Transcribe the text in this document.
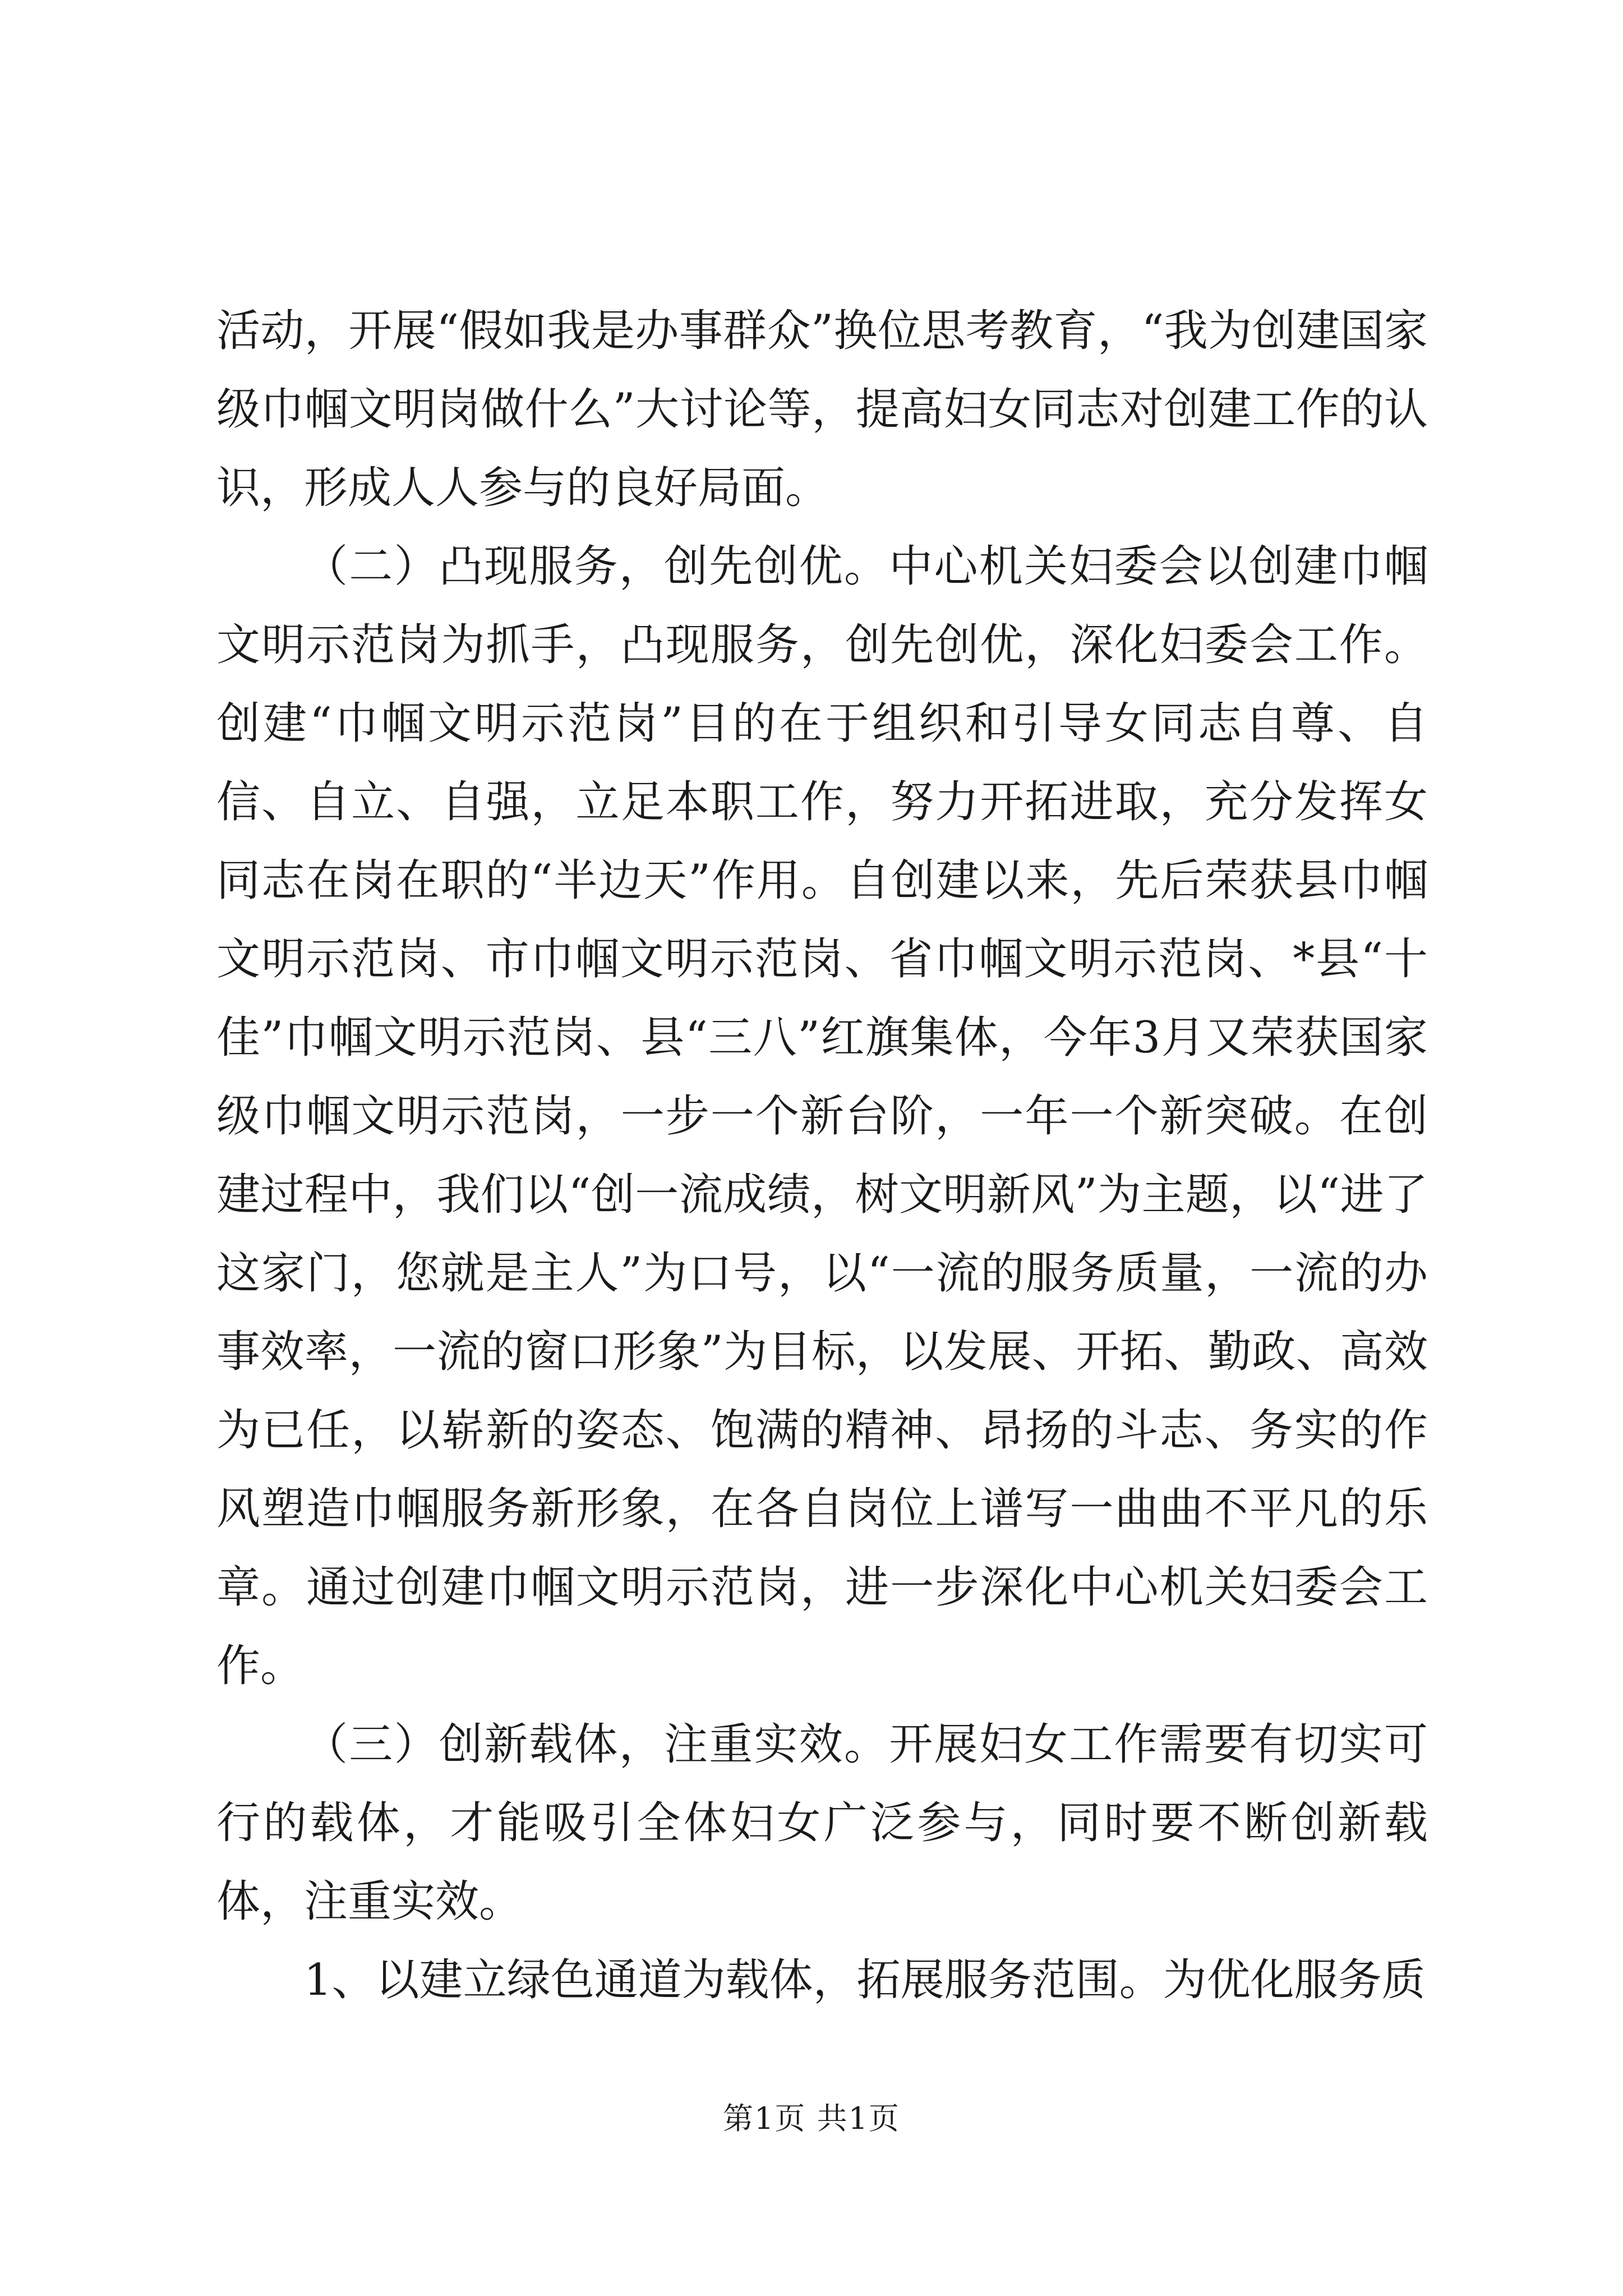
活动，开展“假如我是办事群众”换位思考教育，“我为创建国家级巾帼文明岗做什么”大讨论等，提高妇女同志对创建工作的认识，形成人人参与的良好局面。

（二）凸现服务，创先创优。中心机关妇委会以创建巾帼文明示范岗为抓手，凸现服务，创先创优，深化妇委会工作。创建“巾帼文明示范岗”目的在于组织和引导女同志自尊、自信、自立、自强，立足本职工作，努力开拓进取，充分发挥女同志在岗在职的“半边天”作用。自创建以来，先后荣获县巾帼文明示范岗、市巾帼文明示范岗、省巾帼文明示范岗、*县“十佳”巾帼文明示范岗、县“三八”红旗集体，今年3月又荣获国家级巾帼文明示范岗，一步一个新台阶，一年一个新突破。在创建过程中，我们以“创一流成绩，树文明新风”为主题，以“进了这家门，您就是主人”为口号，以“一流的服务质量，一流的办事效率，一流的窗口形象”为目标，以发展、开拓、勤政、高效为已任，以崭新的姿态、饱满的精神、昂扬的斗志、务实的作风塑造巾帼服务新形象，在各自岗位上谱写一曲曲不平凡的乐章。通过创建巾帼文明示范岗，进一步深化中心机关妇委会工作。

（三）创新载体，注重实效。开展妇女工作需要有切实可行的载体，才能吸引全体妇女广泛参与，同时要不断创新载体，注重实效。

1、以建立绿色通道为载体，拓展服务范围。为优化服务质

第1页 共1页
